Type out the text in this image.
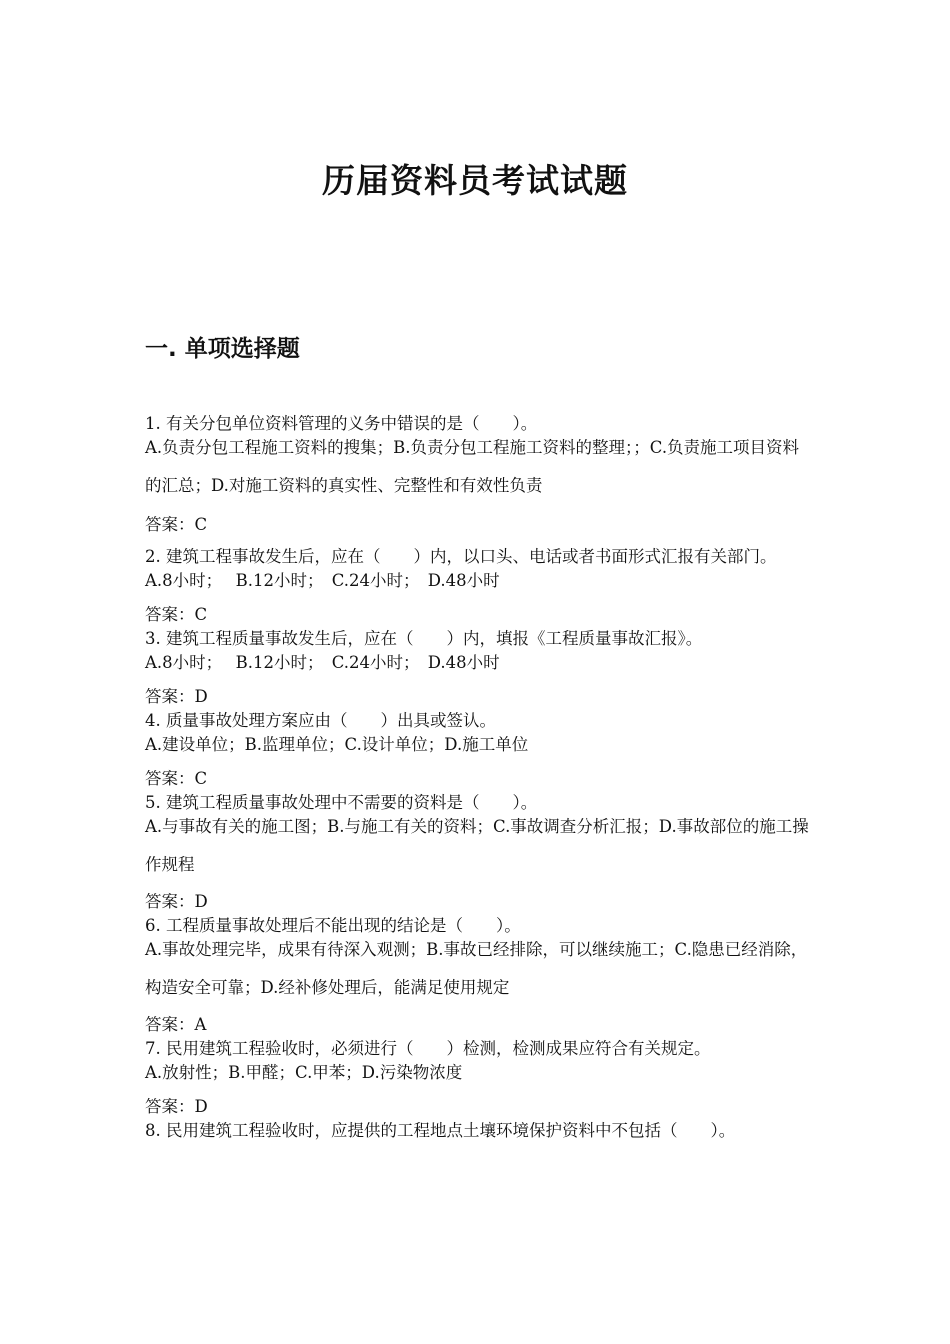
历届资料员考试试题
一. 单项选择题

1. 有关分包单位资料管理的义务中错误的是（　　）。

A.负责分包工程施工资料的搜集；B.负责分包工程施工资料的整理；；C.负责施工项目资料的汇总；D.对施工资料的真实性、完整性和有效性负责

答案：C

2. 建筑工程事故发生后，应在（　　）内，以口头、电话或者书面形式汇报有关部门。

A.8小时；　 B.12小时；　C.24小时；　D.48小时

答案：C

3. 建筑工程质量事故发生后，应在（　　）内，填报《工程质量事故汇报》。

A.8小时；　 B.12小时；　C.24小时；　D.48小时

答案：D

4. 质量事故处理方案应由（　　）出具或签认。

A.建设单位；B.监理单位；C.设计单位；D.施工单位

答案：C

5. 建筑工程质量事故处理中不需要的资料是（　　）。

A.与事故有关的施工图；B.与施工有关的资料；C.事故调查分析汇报；D.事故部位的施工操作规程

答案：D

6. 工程质量事故处理后不能出现的结论是（　　）。

A.事故处理完毕，成果有待深入观测；B.事故已经排除，可以继续施工；C.隐患已经消除，构造安全可靠；D.经补修处理后，能满足使用规定

答案：A

7. 民用建筑工程验收时，必须进行（　　）检测，检测成果应符合有关规定。

A.放射性；B.甲醛；C.甲苯；D.污染物浓度

答案：D

8. 民用建筑工程验收时，应提供的工程地点土壤环境保护资料中不包括（　　）。
